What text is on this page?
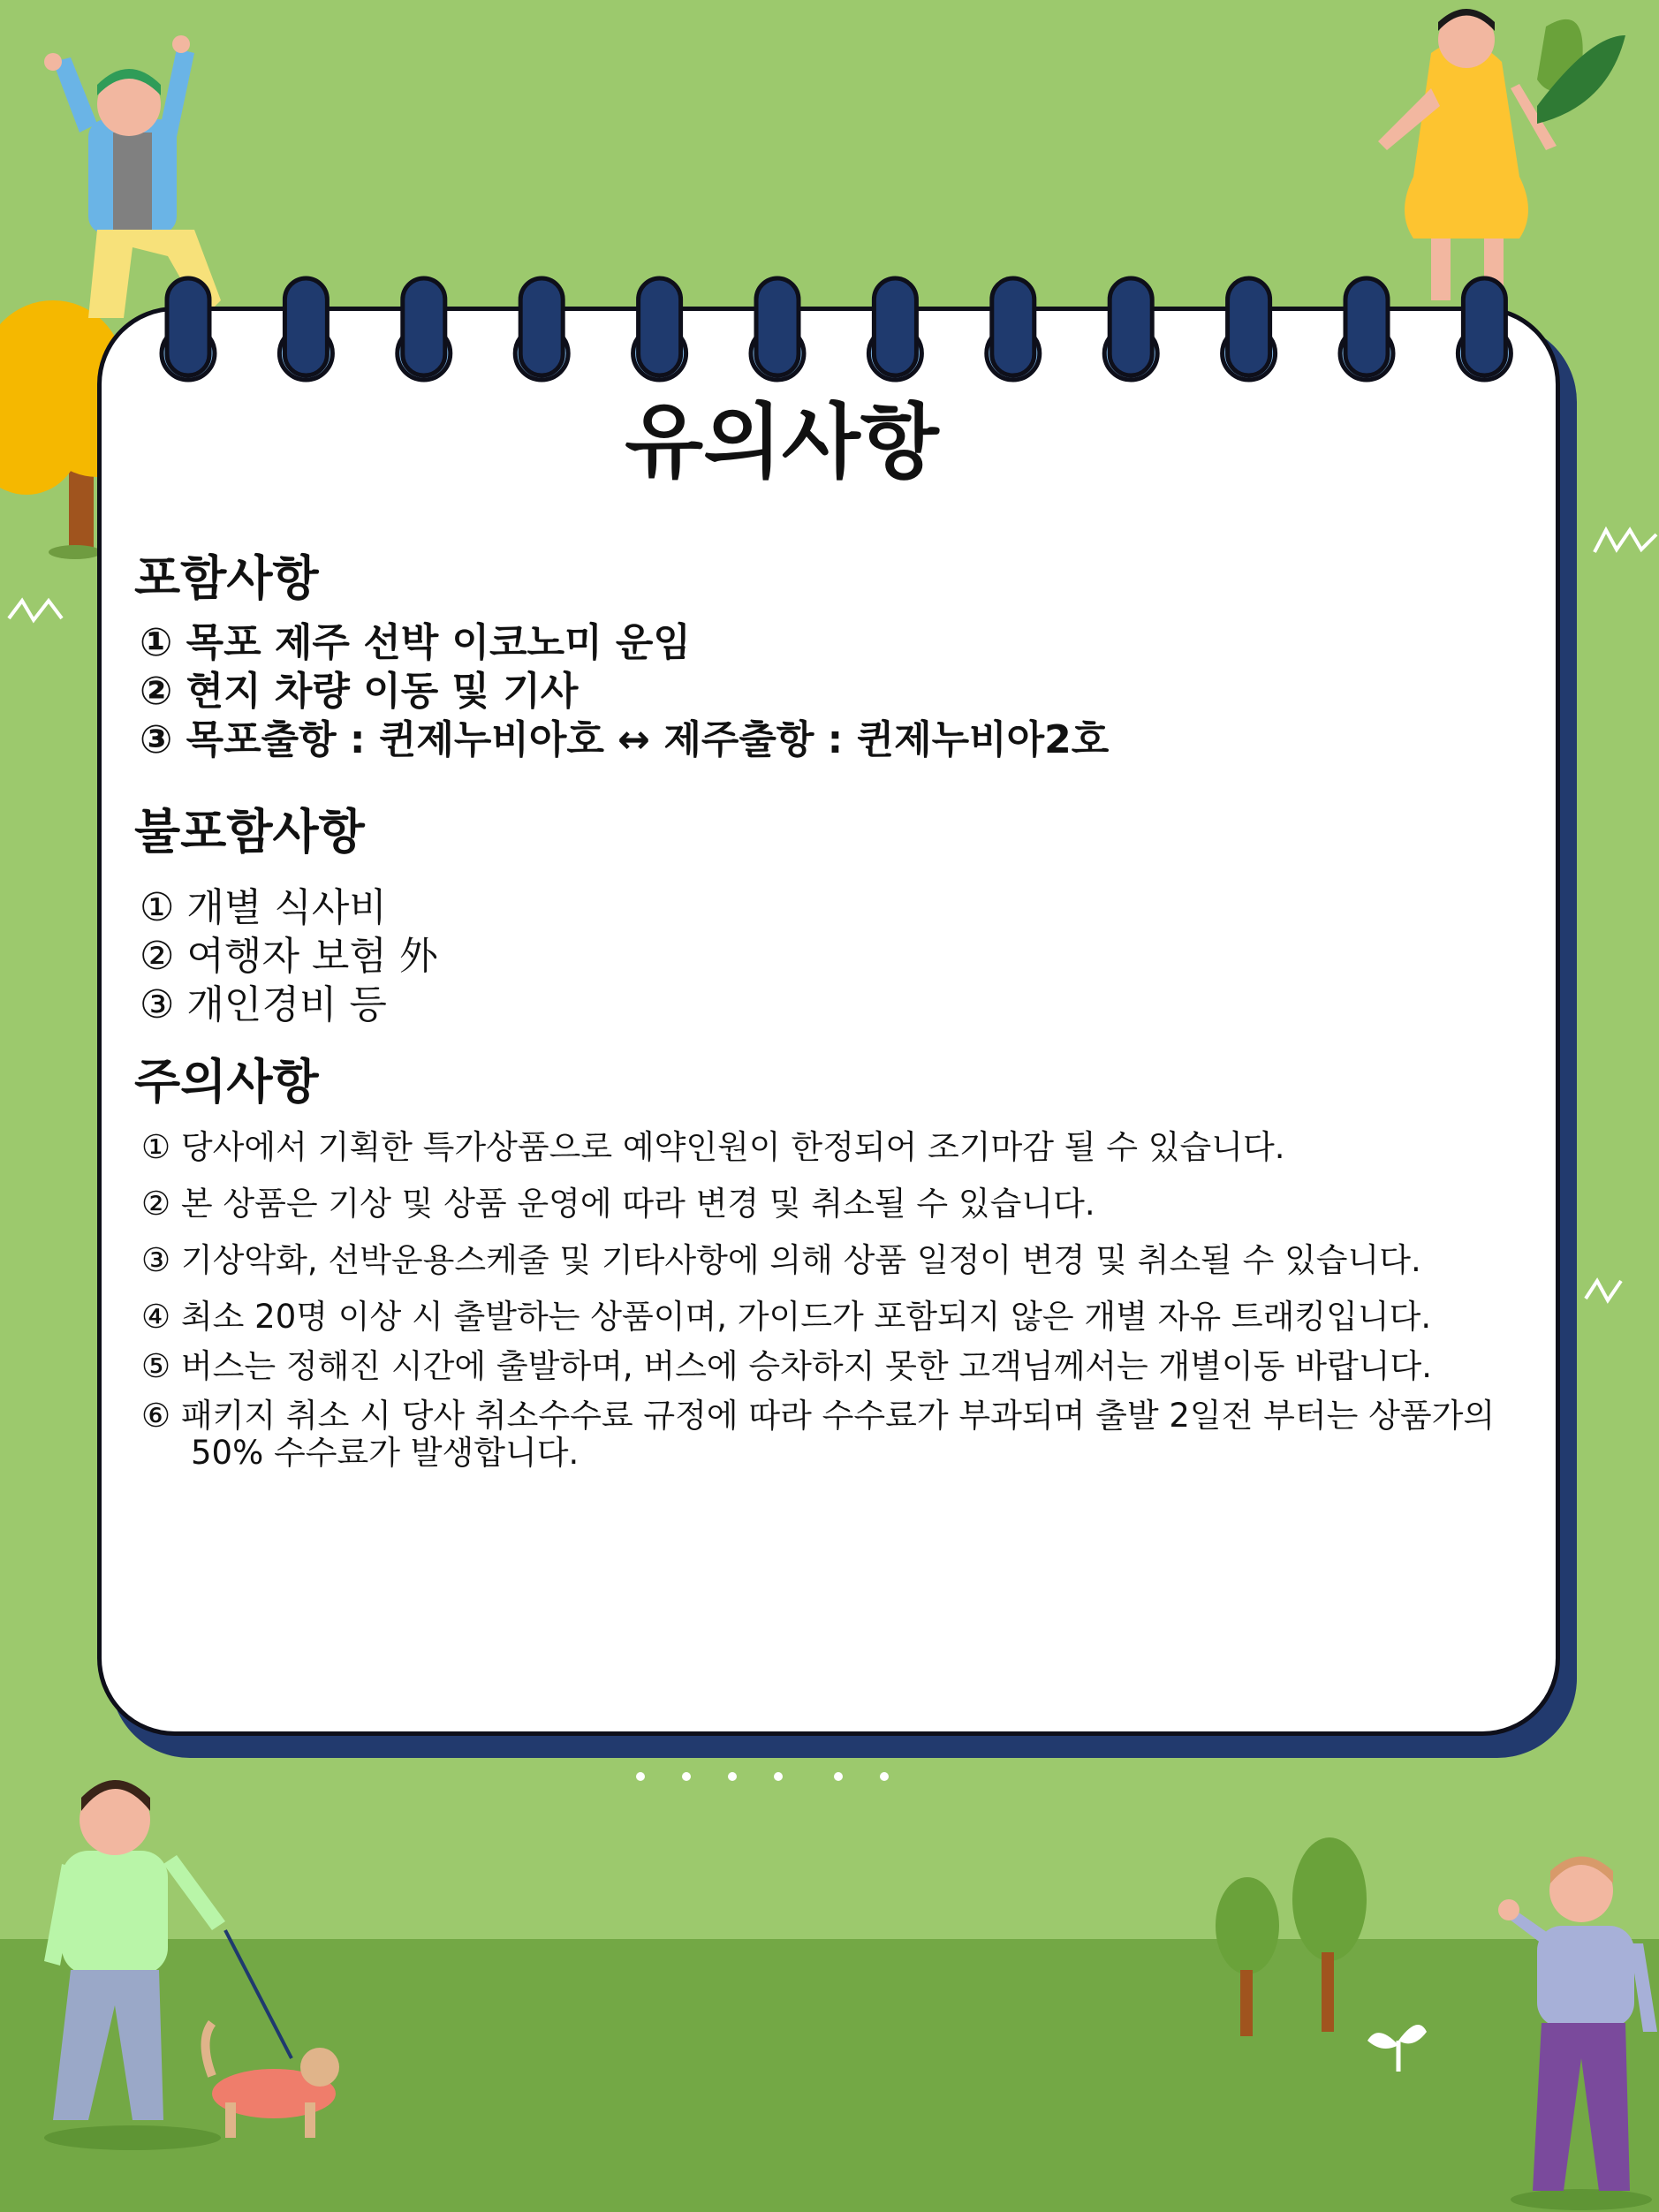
유의사항
포함사항
① 목포 제주 선박 이코노미 운임
② 현지 차량 이동 및 기사
③ 목포출항 : 퀸제누비아호 ↔ 제주출항 : 퀸제누비아2호
불포함사항
① 개별 식사비
② 여행자 보험 外
③ 개인경비 등
주의사항
① 당사에서 기획한 특가상품으로 예약인원이 한정되어 조기마감 될 수 있습니다.
② 본 상품은 기상 및 상품 운영에 따라 변경 및 취소될 수 있습니다.
③ 기상악화, 선박운용스케줄 및 기타사항에 의해 상품 일정이 변경 및 취소될 수 있습니다.
④ 최소 20명 이상 시 출발하는 상품이며, 가이드가 포함되지 않은 개별 자유 트래킹입니다.
⑤ 버스는 정해진 시간에 출발하며, 버스에 승차하지 못한 고객님께서는 개별이동 바랍니다.
⑥ 패키지 취소 시 당사 취소수수료 규정에 따라 수수료가 부과되며 출발 2일전 부터는 상품가의 50% 수수료가 발생합니다.
